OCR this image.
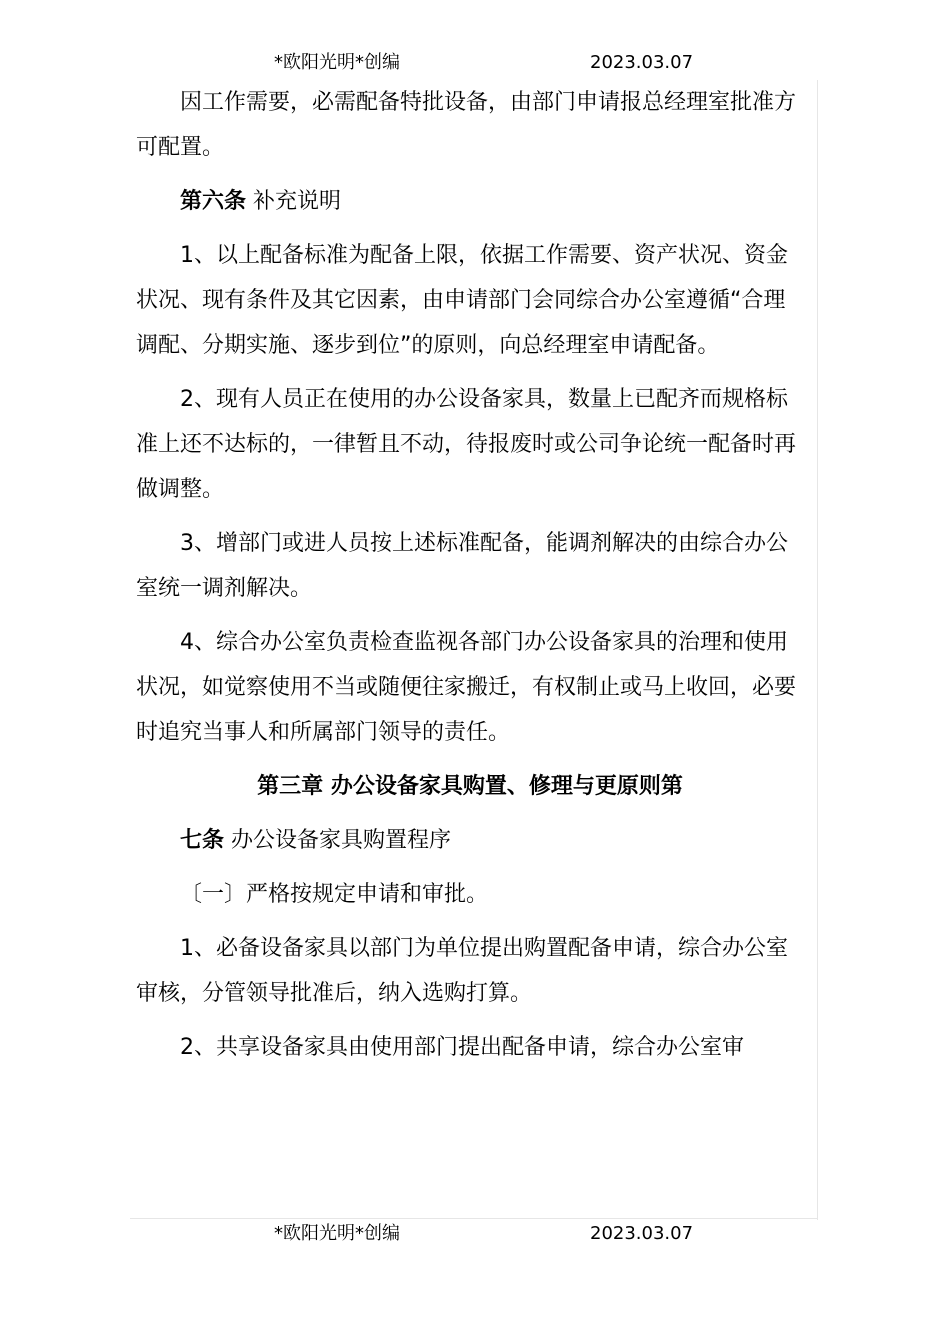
*欧阳光明*创编	2023.03.07

因工作需要，必需配备特批设备，由部门申请报总经理室批准方可配置。

第六条 补充说明

1、以上配备标准为配备上限，依据工作需要、资产状况、资金状况、现有条件及其它因素，由申请部门会同综合办公室遵循“合理调配、分期实施、逐步到位”的原则，向总经理室申请配备。

2、现有人员正在使用的办公设备家具，数量上已配齐而规格标准上还不达标的，一律暂且不动，待报废时或公司争论统一配备时再做调整。

3、增部门或进人员按上述标准配备，能调剂解决的由综合办公室统一调剂解决。

4、综合办公室负责检查监视各部门办公设备家具的治理和使用状况，如觉察使用不当或随便往家搬迁，有权制止或马上收回，必要时追究当事人和所属部门领导的责任。

第三章 办公设备家具购置、修理与更原则第

七条 办公设备家具购置程序

〔一〕严格按规定申请和审批。

1、必备设备家具以部门为单位提出购置配备申请，综合办公室审核，分管领导批准后，纳入选购打算。

2、共享设备家具由使用部门提出配备申请，综合办公室审

*欧阳光明*创编	2023.03.07
